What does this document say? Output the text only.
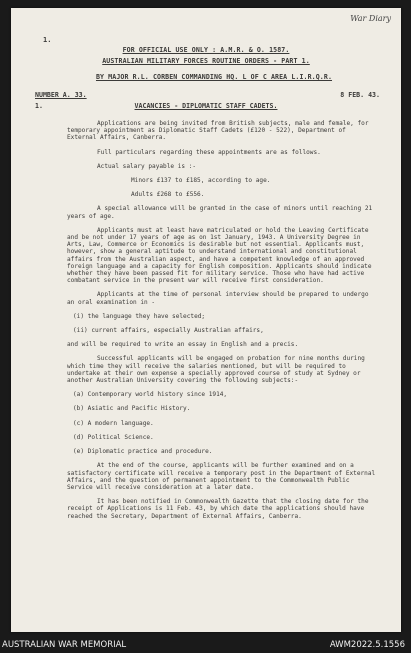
War Diary
1.
FOR OFFICIAL USE ONLY : A.M.R. & O. 1587.
AUSTRALIAN MILITARY FORCES ROUTINE ORDERS - PART 1.
BY MAJOR R.L. CORBEN COMMANDING HQ. L OF C AREA L.I.R.Q.R.
NUMBER A. 33.	8 FEB. 43.
1.	VACANCIES - DIPLOMATIC STAFF CADETS.

Applications are being invited from British subjects, male and female, for temporary appointment as Diplomatic Staff Cadets (£120 - 522), Department of External Affairs, Canberra.

Full particulars regarding these appointments are as follows.

Actual salary payable is :-

Minors £137 to £185, according to age.

Adults £268 to £556.

A special allowance will be granted in the case of minors until reaching 21 years of age.

Applicants must at least have matriculated or hold the Leaving Certificate and be not under 17 years of age as on 1st January, 1943. A University Degree in Arts, Law, Commerce or Economics is desirable but not essential. Applicants must, however, show a general aptitude to understand international and constitutional affairs from the Australian aspect, and have a competent knowledge of an approved foreign language and a capacity for English composition. Applicants should indicate whether they have been passed fit for military service. Those who have had active combatant service in the present war will receive first consideration.

Applicants at the time of personal interview should be prepared to undergo an oral examination in -

(i) the language they have selected;

(ii) current affairs, especially Australian affairs,

and will be required to write an essay in English and a precis.

Successful applicants will be engaged on probation for nine months during which time they will receive the salaries mentioned, but will be required to undertake at their own expense a specially approved course of study at Sydney or another Australian University covering the following subjects:-

(a) Contemporary world history since 1914,

(b) Asiatic and Pacific History.

(c) A modern language.

(d) Political Science.

(e) Diplomatic practice and procedure.

At the end of the course, applicants will be further examined and on a satisfactory certificate will receive a temporary post in the Department of External Affairs, and the question of permanent appointment to the Commonwealth Public Service will receive consideration at a later date.

It has been notified in Commonwealth Gazette that the closing date for the receipt of Applications is 11 Feb. 43, by which date the applications should have reached the Secretary, Department of External Affairs, Canberra.

AUSTRALIAN WAR MEMORIAL	AWM2022.5.1556
